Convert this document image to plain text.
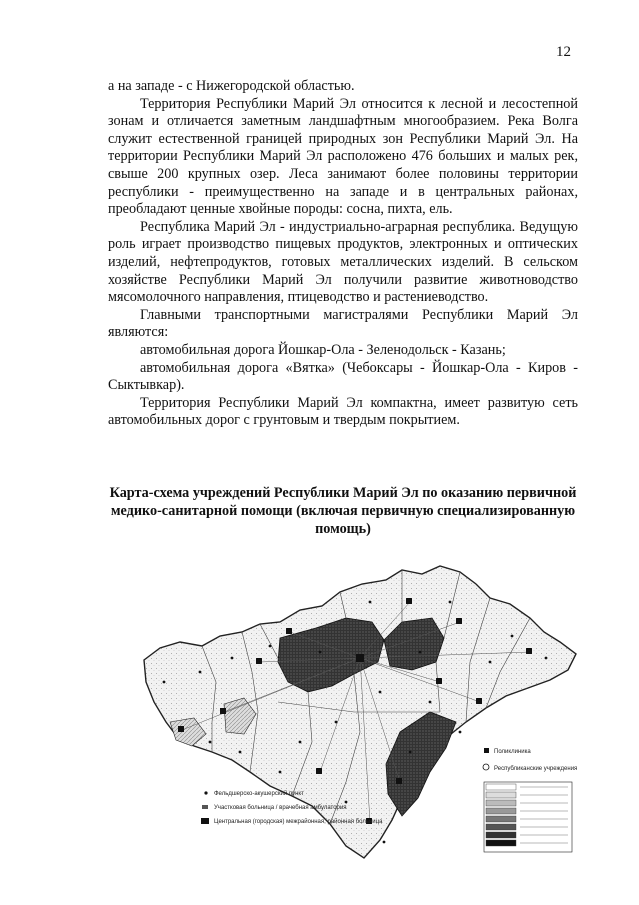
12

а на западе - с Нижегородской областью.

Территория Республики Марий Эл относится к лесной и лесостепной зонам и отличается заметным ландшафтным многообразием. Река Волга служит естественной границей природных зон Республики Марий Эл. На территории Республики Марий Эл расположено 476 больших и малых рек, свыше 200 крупных озер. Леса занимают более половины территории республики - преимущественно на западе и в центральных районах, преобладают ценные хвойные породы: сосна, пихта, ель.

Республика Марий Эл - индустриально-аграрная республика. Ведущую роль играет производство пищевых продуктов, электронных и оптических изделий, нефтепродуктов, готовых металлических изделий. В сельском хозяйстве Республики Марий Эл получили развитие животноводство мясомолочного направления, птицеводство и растениеводство.

Главными транспортными магистралями Республики Марий Эл являются:

автомобильная дорога Йошкар-Ола - Зеленодольск - Казань;

автомобильная дорога «Вятка» (Чебоксары - Йошкар-Ола - Киров - Сыктывкар).

Территория Республики Марий Эл компактна, имеет развитую сеть автомобильных дорог с грунтовым и твердым покрытием.

Карта-схема учреждений Республики Марий Эл по оказанию первичной медико-санитарной помощи (включая первичную специализированную помощь)
Фельдшерско-акушерский пункт
Участковая больница / врачебная амбулатория
Центральная (городская) межрайонная, районная больница
Поликлиника
Республиканские учреждения
